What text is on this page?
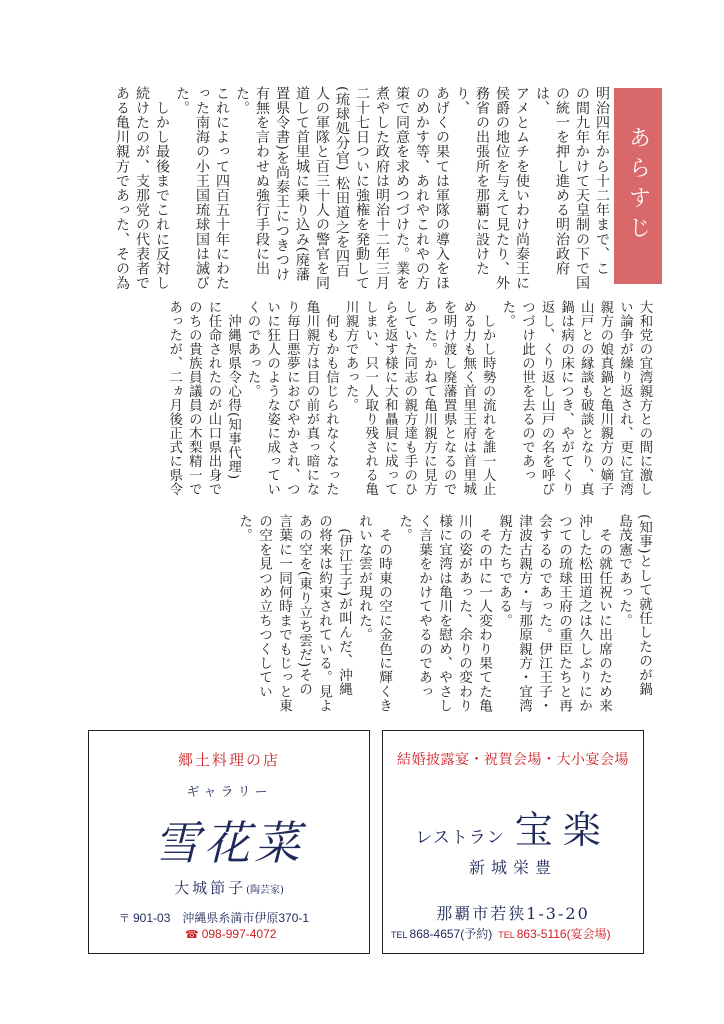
あらすじ
明治四年から十二年まで、こ
の間九年かけて天皇制の下で国
の統一を押し進める明治政府は、
アメとムチを使いわけ尚泰王に
侯爵の地位を与えて見たり、外
務省の出張所を那覇に設けたり、
あげくの果ては軍隊の導入をほ
のめかす等、あれやこれやの方
策で同意を求めつづけた。業を
煮やした政府は明治十二年三月
二十七日ついに強権を発動して
(琉球処分官) 松田道之を四百
人の軍隊と百三十人の警官を同
道して首里城に乗り込み(廃藩
置県令書)を尚泰王につきつけ
有無を言わせぬ強行手段に出た。
これによって四百五十年にわた
った南海の小王国琉球国は滅びた。
　しかし最後までこれに反対し
続けたのが、支那党の代表者で
ある亀川親方であった、その為
大和党の宜湾親方との間に激し
い論争が繰り返され、更に宜湾
親方の娘真鍋と亀川親方の嫡子
山戸との縁談も破談となり、真
鍋は病の床につき、やがてくり
返し、くり返し山戸の名を呼び
つづけ此の世を去るのであった。
　しかし時勢の流れを誰一人止
める力も無く首里王府は首里城
を明け渡し廃藩置県となるので
あった。かねて亀川親方に見方
していた同志の親方達も手のひ
らを返す様に大和贔屓に成って
しまい、只一人取り残される亀
川親方であった。
　何もかも信じられなくなった
亀川親方は目の前が真っ暗にな
り毎日悪夢におびやかされ、つ
いに狂人のような姿に成ってい
くのであった。
　沖縄県県令心得(知事代理)
に任命されたのが山口県出身で
のちの貴族員議員の木梨精一で
あったが、二ヵ月後正式に県令
(知事)として就任したのが鍋
島茂憲であった。
　その就任祝いに出席のため来
沖した松田道之は久しぶりにか
つての琉球王府の重臣たちと再
会するのであった。伊江王子・
津波古親方・与那原親方・宜湾
親方たちである。
　その中に一人変わり果てた亀
川の姿があった、余りの変わり
様に宜湾は亀川を慰め、やさし
く言葉をかけてやるのであった。
　その時東の空に金色に輝くき
れいな雲が現れた。
　(伊江王子)が叫んだ、沖縄
の将来は約束されている。見よ
あの空を(東り立ち雲だ)その
言葉に一同何時までもじっと東
の空を見つめ立ちつくしていた。
郷土料理の店
ギャラリー
雪花菜
大城節子(陶芸家)
〒 901-03　沖縄県糸満市伊原370-1
☎ 098-997-4072
結婚披露宴・祝賀会場・大小宴会場
レストラン 宝楽
新城栄豊
那覇市若狭1-3-20
TEL 868-4657(予約) TEL 863-5116(宴会場)
